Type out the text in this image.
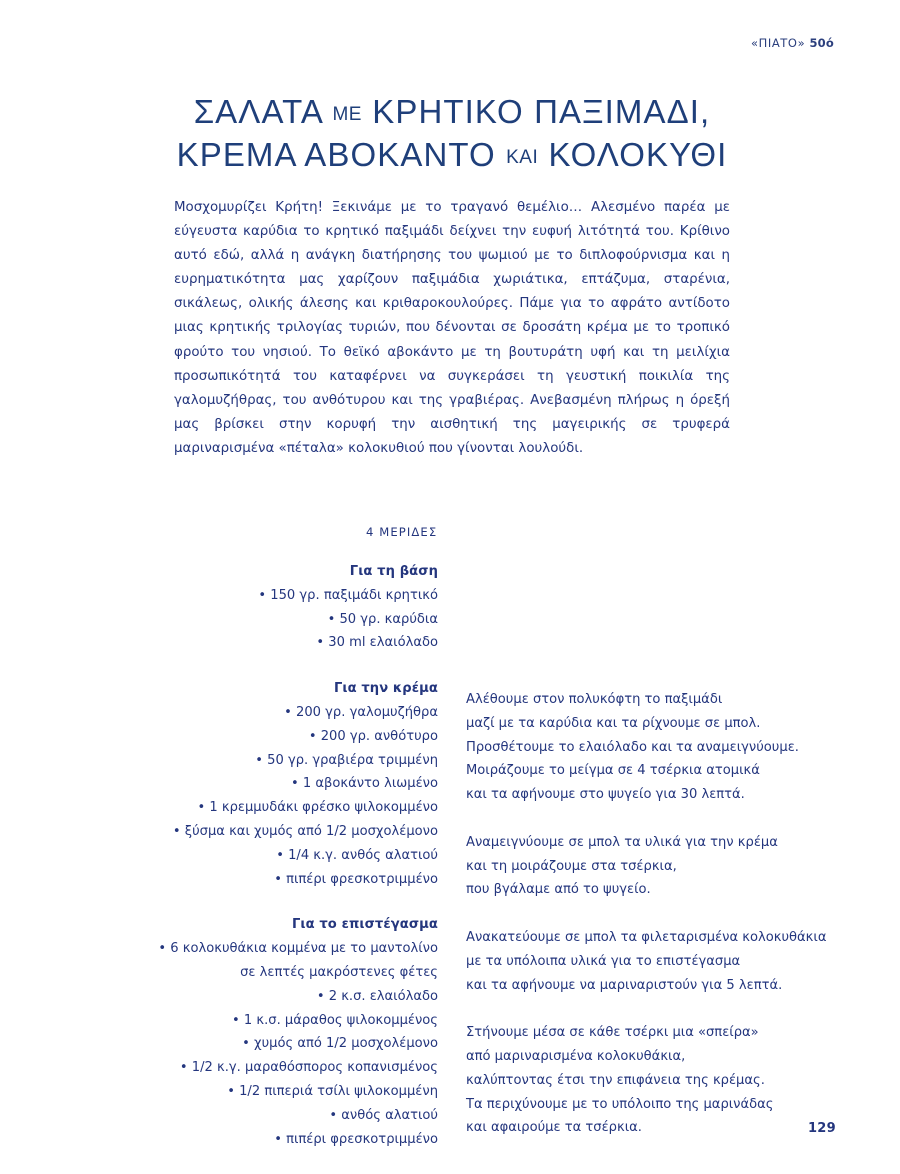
«ΠΙΑΤΟ» 50ό
ΣΑΛΑΤΑ ΜΕ ΚΡΗΤΙΚΟ ΠΑΞΙΜΑΔΙ,
ΚΡΕΜΑ ΑΒΟΚΑΝΤΟ ΚΑΙ ΚΟΛΟΚΥΘΙ

Μοσχομυρίζει Κρήτη! Ξεκινάμε με το τραγανό θεμέλιο… Αλεσμένο παρέα με εύγευστα καρύδια το κρητικό παξιμάδι δείχνει την ευφυή λιτότητά του. Κρίθινο αυτό εδώ, αλλά η ανάγκη διατήρησης του ψωμιού με το διπλοφούρνισμα και η ευρηματικότητα μας χαρίζουν παξιμάδια χωριάτικα, επτάζυμα, σταρένια, σικάλεως, ολικής άλεσης και κριθαροκουλούρες. Πάμε για το αφράτο αντίδοτο μιας κρητικής τριλογίας τυριών, που δένονται σε δροσάτη κρέμα με το τροπικό φρούτο του νησιού. Το θεϊκό αβοκάντο με τη βουτυράτη υφή και τη μειλίχια προσωπικότητά του καταφέρνει να συγκεράσει τη γευστική ποικιλία της γαλομυζήθρας, του ανθότυρου και της γραβιέρας. Ανεβασμένη πλήρως η όρεξή μας βρίσκει στην κορυφή την αισθητική της μαγειρικής σε τρυφερά μαριναρισμένα «πέταλα» κολοκυθιού που γίνονται λουλούδι.

4 ΜΕΡΙΔΕΣ
Για τη βάση
• 150 γρ. παξιμάδι κρητικό
• 50 γρ. καρύδια
• 30 ml ελαιόλαδο
Για την κρέμα
• 200 γρ. γαλομυζήθρα
• 200 γρ. ανθότυρο
• 50 γρ. γραβιέρα τριμμένη
• 1 αβοκάντο λιωμένο
• 1 κρεμμυδάκι φρέσκο ψιλοκομμένο
• ξύσμα και χυμός από 1/2 μοσχολέμονο
• 1/4 κ.γ. ανθός αλατιού
• πιπέρι φρεσκοτριμμένο
Για το επιστέγασμα
• 6 κολοκυθάκια κομμένα με το μαντολίνο
σε λεπτές μακρόστενες φέτες
• 2 κ.σ. ελαιόλαδο
• 1 κ.σ. μάραθος ψιλοκομμένος
• χυμός από 1/2 μοσχολέμονο
• 1/2 κ.γ. μαραθόσπορος κοπανισμένος
• 1/2 πιπεριά τσίλι ψιλοκομμένη
• ανθός αλατιού
• πιπέρι φρεσκοτριμμένο
Αλέθουμε στον πολυκόφτη το παξιμάδι
μαζί με τα καρύδια και τα ρίχνουμε σε μπολ.
Προσθέτουμε το ελαιόλαδο και τα αναμειγνύουμε.
Μοιράζουμε το μείγμα σε 4 τσέρκια ατομικά
και τα αφήνουμε στο ψυγείο για 30 λεπτά.
Αναμειγνύουμε σε μπολ τα υλικά για την κρέμα
και τη μοιράζουμε στα τσέρκια,
που βγάλαμε από το ψυγείο.
Ανακατεύουμε σε μπολ τα φιλεταρισμένα κολοκυθάκια
με τα υπόλοιπα υλικά για το επιστέγασμα
και τα αφήνουμε να μαριναριστούν για 5 λεπτά.
Στήνουμε μέσα σε κάθε τσέρκι μια «σπείρα»
από μαριναρισμένα κολοκυθάκια,
καλύπτοντας έτσι την επιφάνεια της κρέμας.
Τα περιχύνουμε με το υπόλοιπο της μαρινάδας
και αφαιρούμε τα τσέρκια.	129
